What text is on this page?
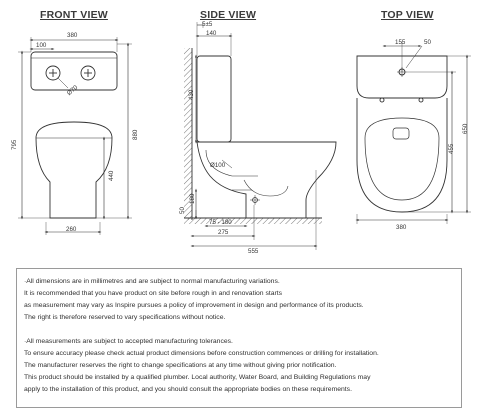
FRONT VIEW	SIDE VIEW	TOP VIEW
380
100
Ø70
795
880
440
260
5±5
140
430
Ø100
180
50
75 - 180
275
555
155	50
650
455
380
·All dimensions are in millimetres and are subject to normal manufacturing variations.
It is recommended that you have product on site before rough in and renovation starts
as measurement may vary as Inspire pursues a policy of improvement in design and performance of its products.
The right is therefore reserved to vary specifications without notice.
·All measurements are subject to accepted manufacturing tolerances.
To ensure accuracy please check actual product dimensions before construction commences or drilling for installation.
The manufacturer reserves the right to change specifications at any time without giving prior notification.
This product should be installed by a qualified plumber. Local authority, Water Board, and Building Regulations may
apply to the installation of this product, and you should consult the appropriate bodies on these requirements.
